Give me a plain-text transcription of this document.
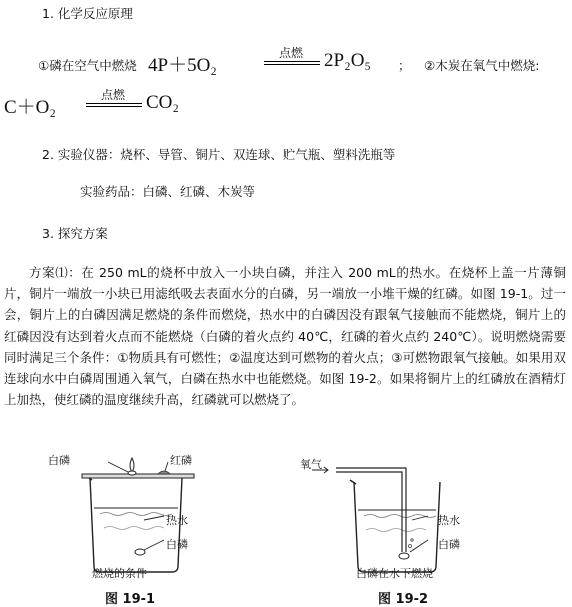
1. 化学反应原理
①磷在空气中燃烧 4P＋5O₂
点燃	2P₂O₅ ； ②木炭在氧气中燃烧:
C＋O₂
点燃	CO₂
2. 实验仪器：烧杯、导管、铜片、双连球、贮气瓶、塑料洗瓶等
实验药品：白磷、红磷、木炭等
3. 探究方案
方案⑴：在 250 mL的烧杯中放入一小块白磷，并注入 200 mL的热水。在烧杯上盖一片薄铜片，铜片一端放一小块已用滤纸吸去表面水分的白磷，另一端放一小堆干燥的红磷。如图 19-1。过一会，铜片上的白磷因满足燃烧的条件而燃烧，热水中的白磷因没有跟氧气接触而不能燃烧，铜片上的红磷因没有达到着火点而不能燃烧（白磷的着火点约 40℃，红磷的着火点约 240℃）。说明燃烧需要同时满足三个条件：①物质具有可燃性；②温度达到可燃物的着火点；③可燃物跟氧气接触。如果用双连球向水中白磷周围通入氧气，白磷在热水中也能燃烧。如图 19-2。如果将铜片上的红磷放在酒精灯上加热，使红磷的温度继续升高，红磷就可以燃烧了。
白磷	红磷
热水
白磷
燃烧的条件
图 19-1
氧气
热水
白磷
白磷在水下燃烧
图 19-2
